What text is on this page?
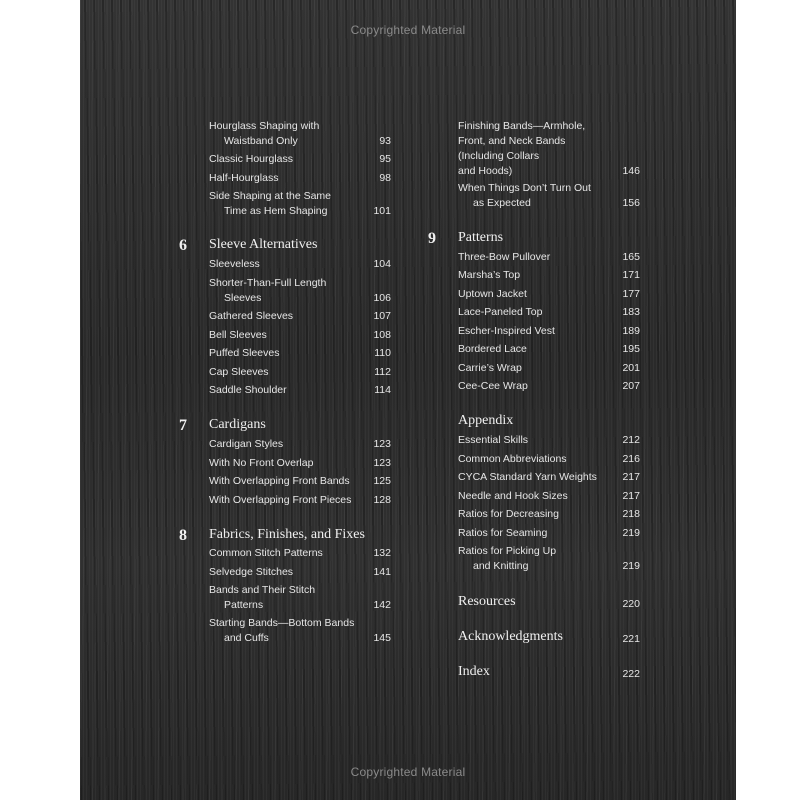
Copyrighted Material
Hourglass Shaping with
Waistband Only	93
Classic Hourglass	95
Half-Hourglass	98
Side Shaping at the Same
Time as Hem Shaping	101
6 Sleeve Alternatives
Sleeveless	104
Shorter-Than-Full Length
Sleeves	106
Gathered Sleeves	107
Bell Sleeves	108
Puffed Sleeves	110
Cap Sleeves	112
Saddle Shoulder	114
7 Cardigans
Cardigan Styles	123
With No Front Overlap	123
With Overlapping Front Bands	125
With Overlapping Front Pieces	128
8 Fabrics, Finishes, and Fixes
Common Stitch Patterns	132
Selvedge Stitches	141
Bands and Their Stitch
Patterns	142
Starting Bands—Bottom Bands
and Cuffs	145
Finishing Bands—Armhole,
Front, and Neck Bands
(Including Collars
and Hoods)	146
When Things Don’t Turn Out
as Expected	156
9 Patterns
Three-Bow Pullover	165
Marsha’s Top	171
Uptown Jacket	177
Lace-Paneled Top	183
Escher-Inspired Vest	189
Bordered Lace	195
Carrie’s Wrap	201
Cee-Cee Wrap	207
Appendix
Essential Skills	212
Common Abbreviations	216
CYCA Standard Yarn Weights	217
Needle and Hook Sizes	217
Ratios for Decreasing	218
Ratios for Seaming	219
Ratios for Picking Up
and Knitting	219
Resources	220
Acknowledgments	221
Index	222
Copyrighted Material
